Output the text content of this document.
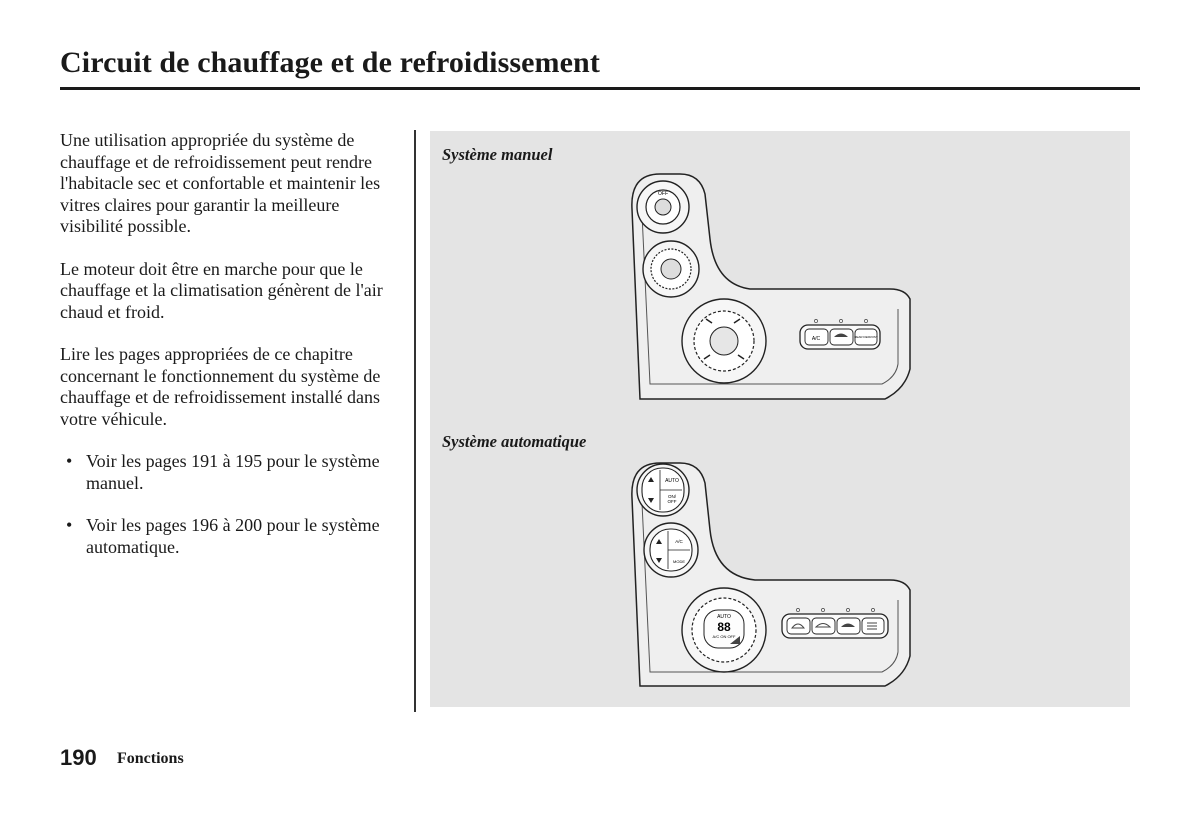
Circuit de chauffage et de refroidissement

Une utilisation appropriée du système de chauffage et de refroidissement peut rendre l'habitacle sec et confortable et maintenir les vitres claires pour garantir la meilleure visibilité possible.

Le moteur doit être en marche pour que le chauffage et la climatisation génèrent de l'air chaud et froid.

Lire les pages appropriées de ce chapitre concernant le fonctionnement du système de chauffage et de refroidissement installé dans votre véhicule.

• Voir les pages 191 à 195 pour le système manuel.
• Voir les pages 196 à 200 pour le système automatique.

Système manuel

OFF
A/C	REAR DEFROST

Système automatique

AUTO
ON/
OFF
A/C
MODE
AUTO
88
A/C ON OFF
190 Fonctions
